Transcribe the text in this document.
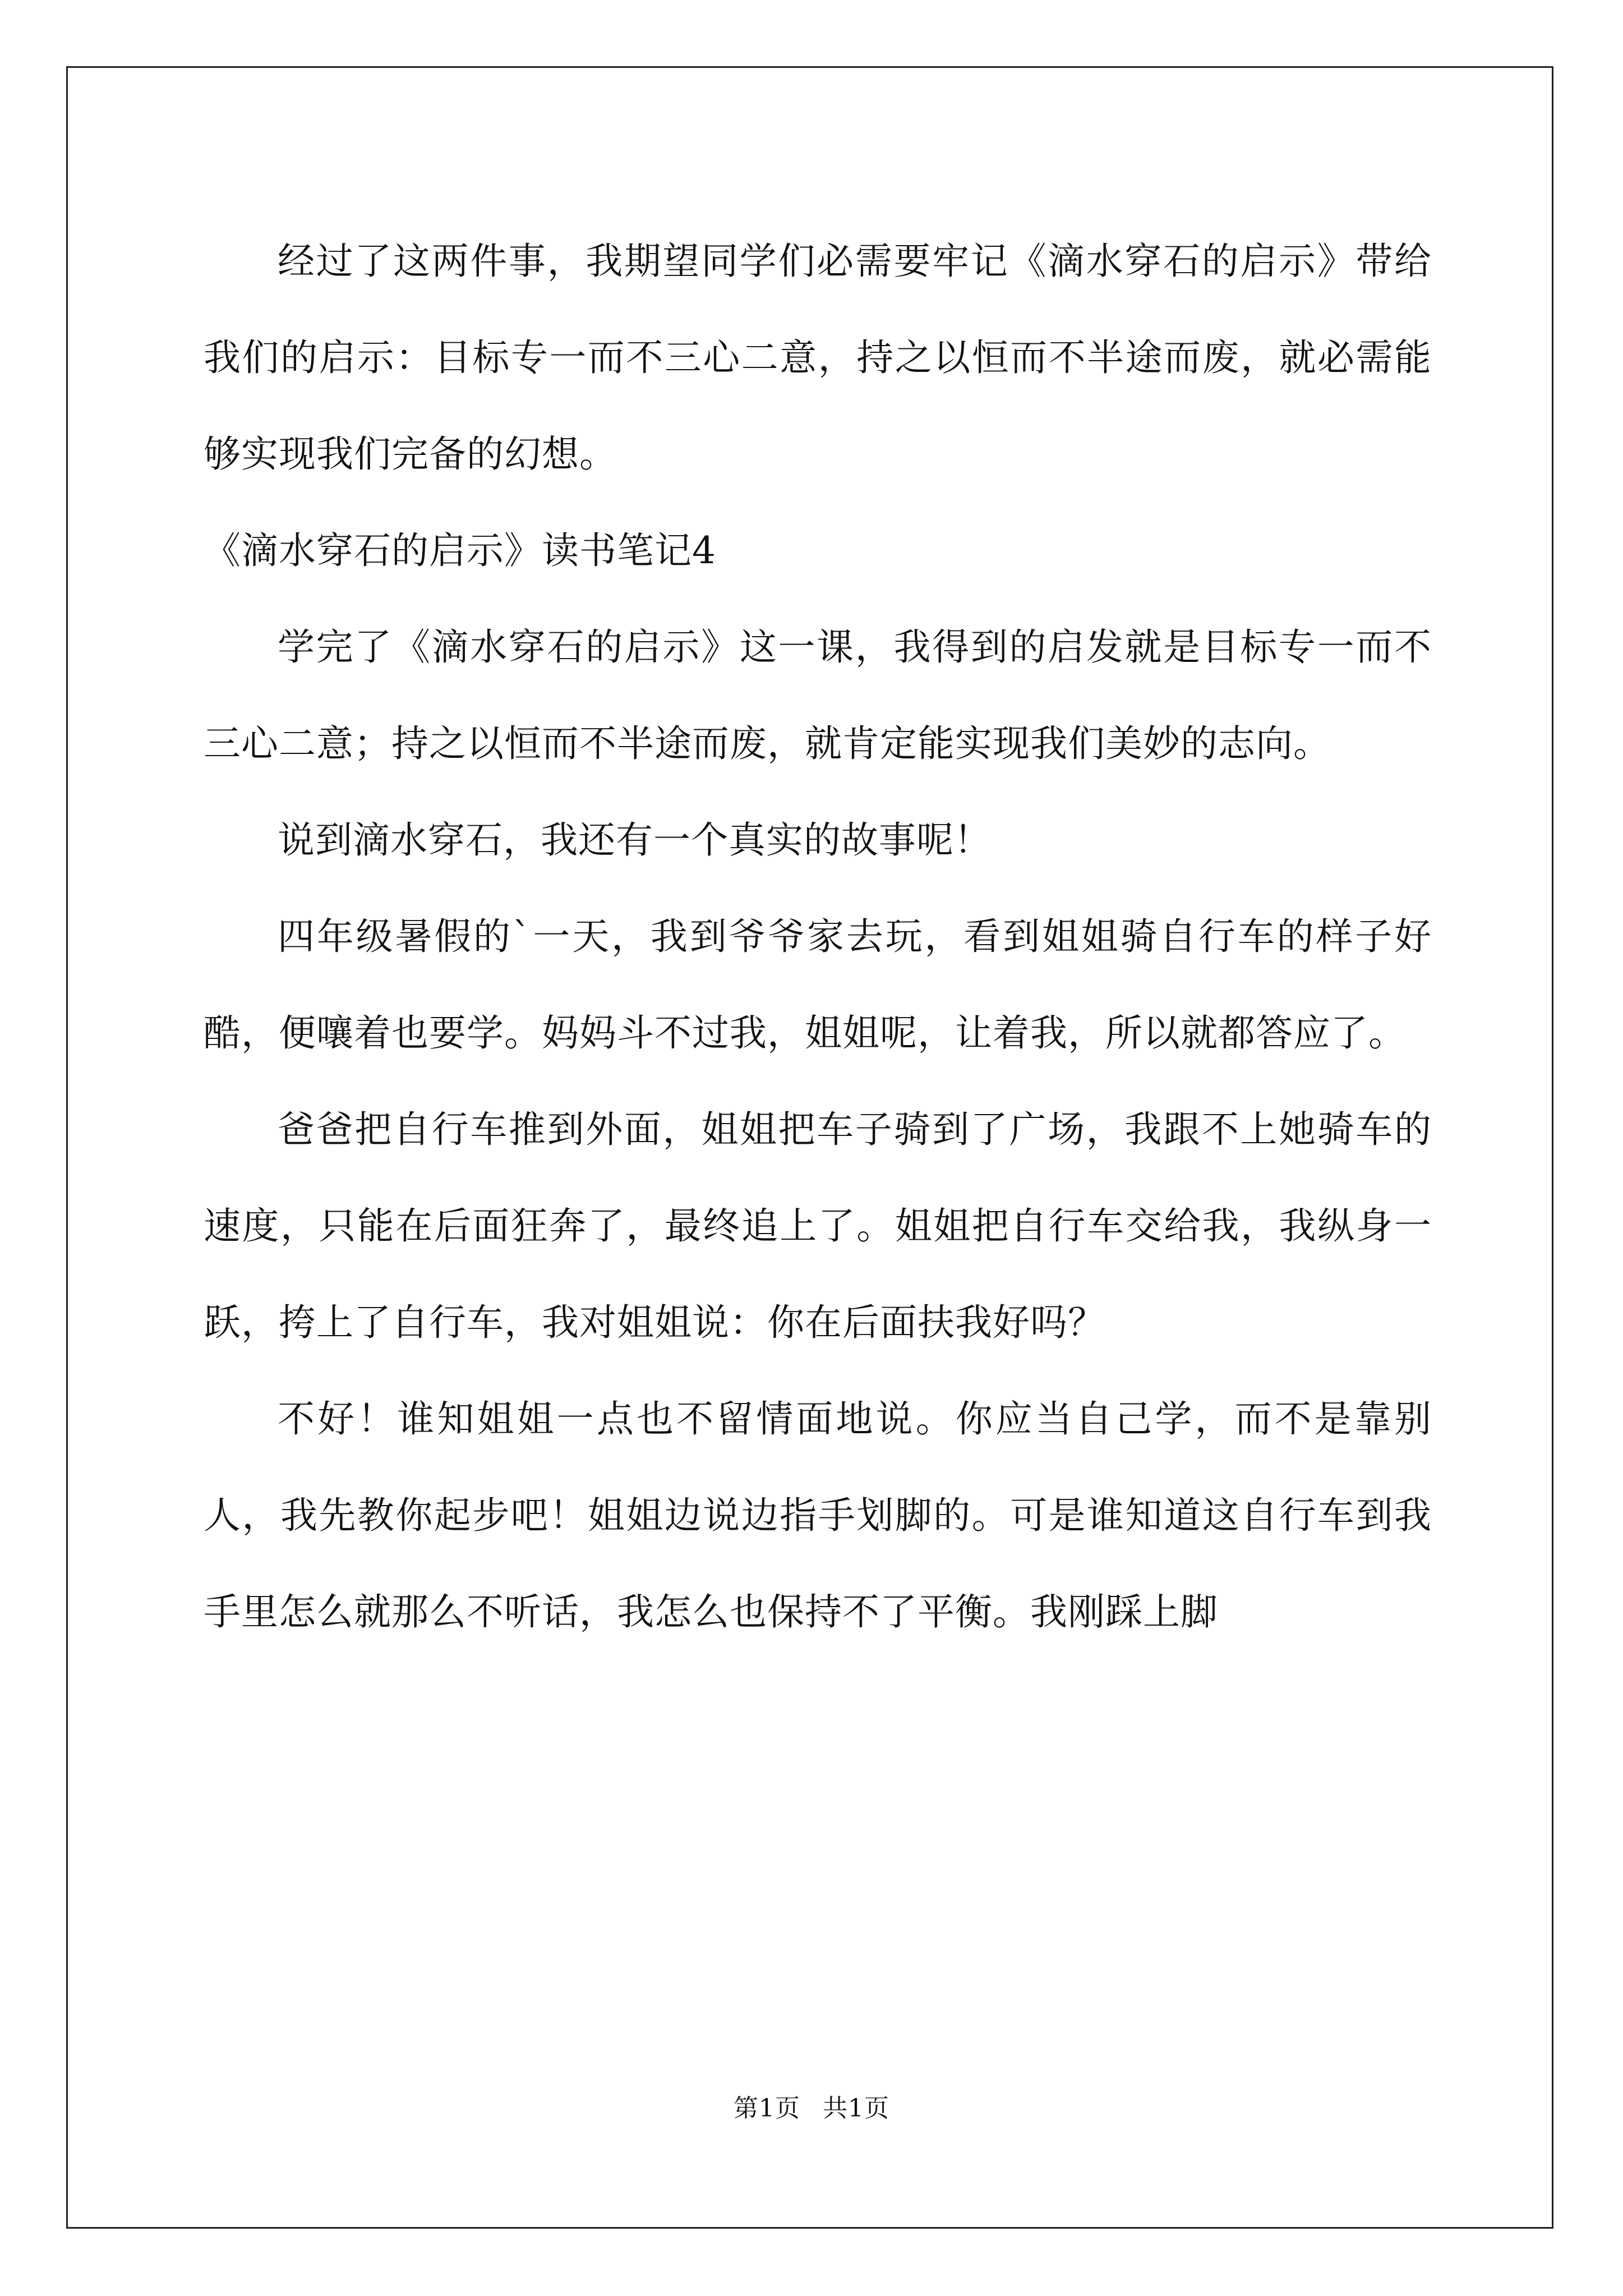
经过了这两件事，我期望同学们必需要牢记《滴水穿石的启示》带给我们的启示：目标专一而不三心二意，持之以恒而不半途而废，就必需能够实现我们完备的幻想。

《滴水穿石的启示》读书笔记4

学完了《滴水穿石的启示》这一课，我得到的启发就是目标专一而不三心二意；持之以恒而不半途而废，就肯定能实现我们美妙的志向。

说到滴水穿石，我还有一个真实的故事呢！

四年级暑假的`一天，我到爷爷家去玩，看到姐姐骑自行车的样子好酷，便嚷着也要学。妈妈斗不过我，姐姐呢，让着我，所以就都答应了。

爸爸把自行车推到外面，姐姐把车子骑到了广场，我跟不上她骑车的速度，只能在后面狂奔了，最终追上了。姐姐把自行车交给我，我纵身一跃，挎上了自行车，我对姐姐说：你在后面扶我好吗？

不好！谁知姐姐一点也不留情面地说。你应当自己学，而不是靠别人，我先教你起步吧！姐姐边说边指手划脚的。可是谁知道这自行车到我手里怎么就那么不听话，我怎么也保持不了平衡。我刚踩上脚

第1页 共1页
